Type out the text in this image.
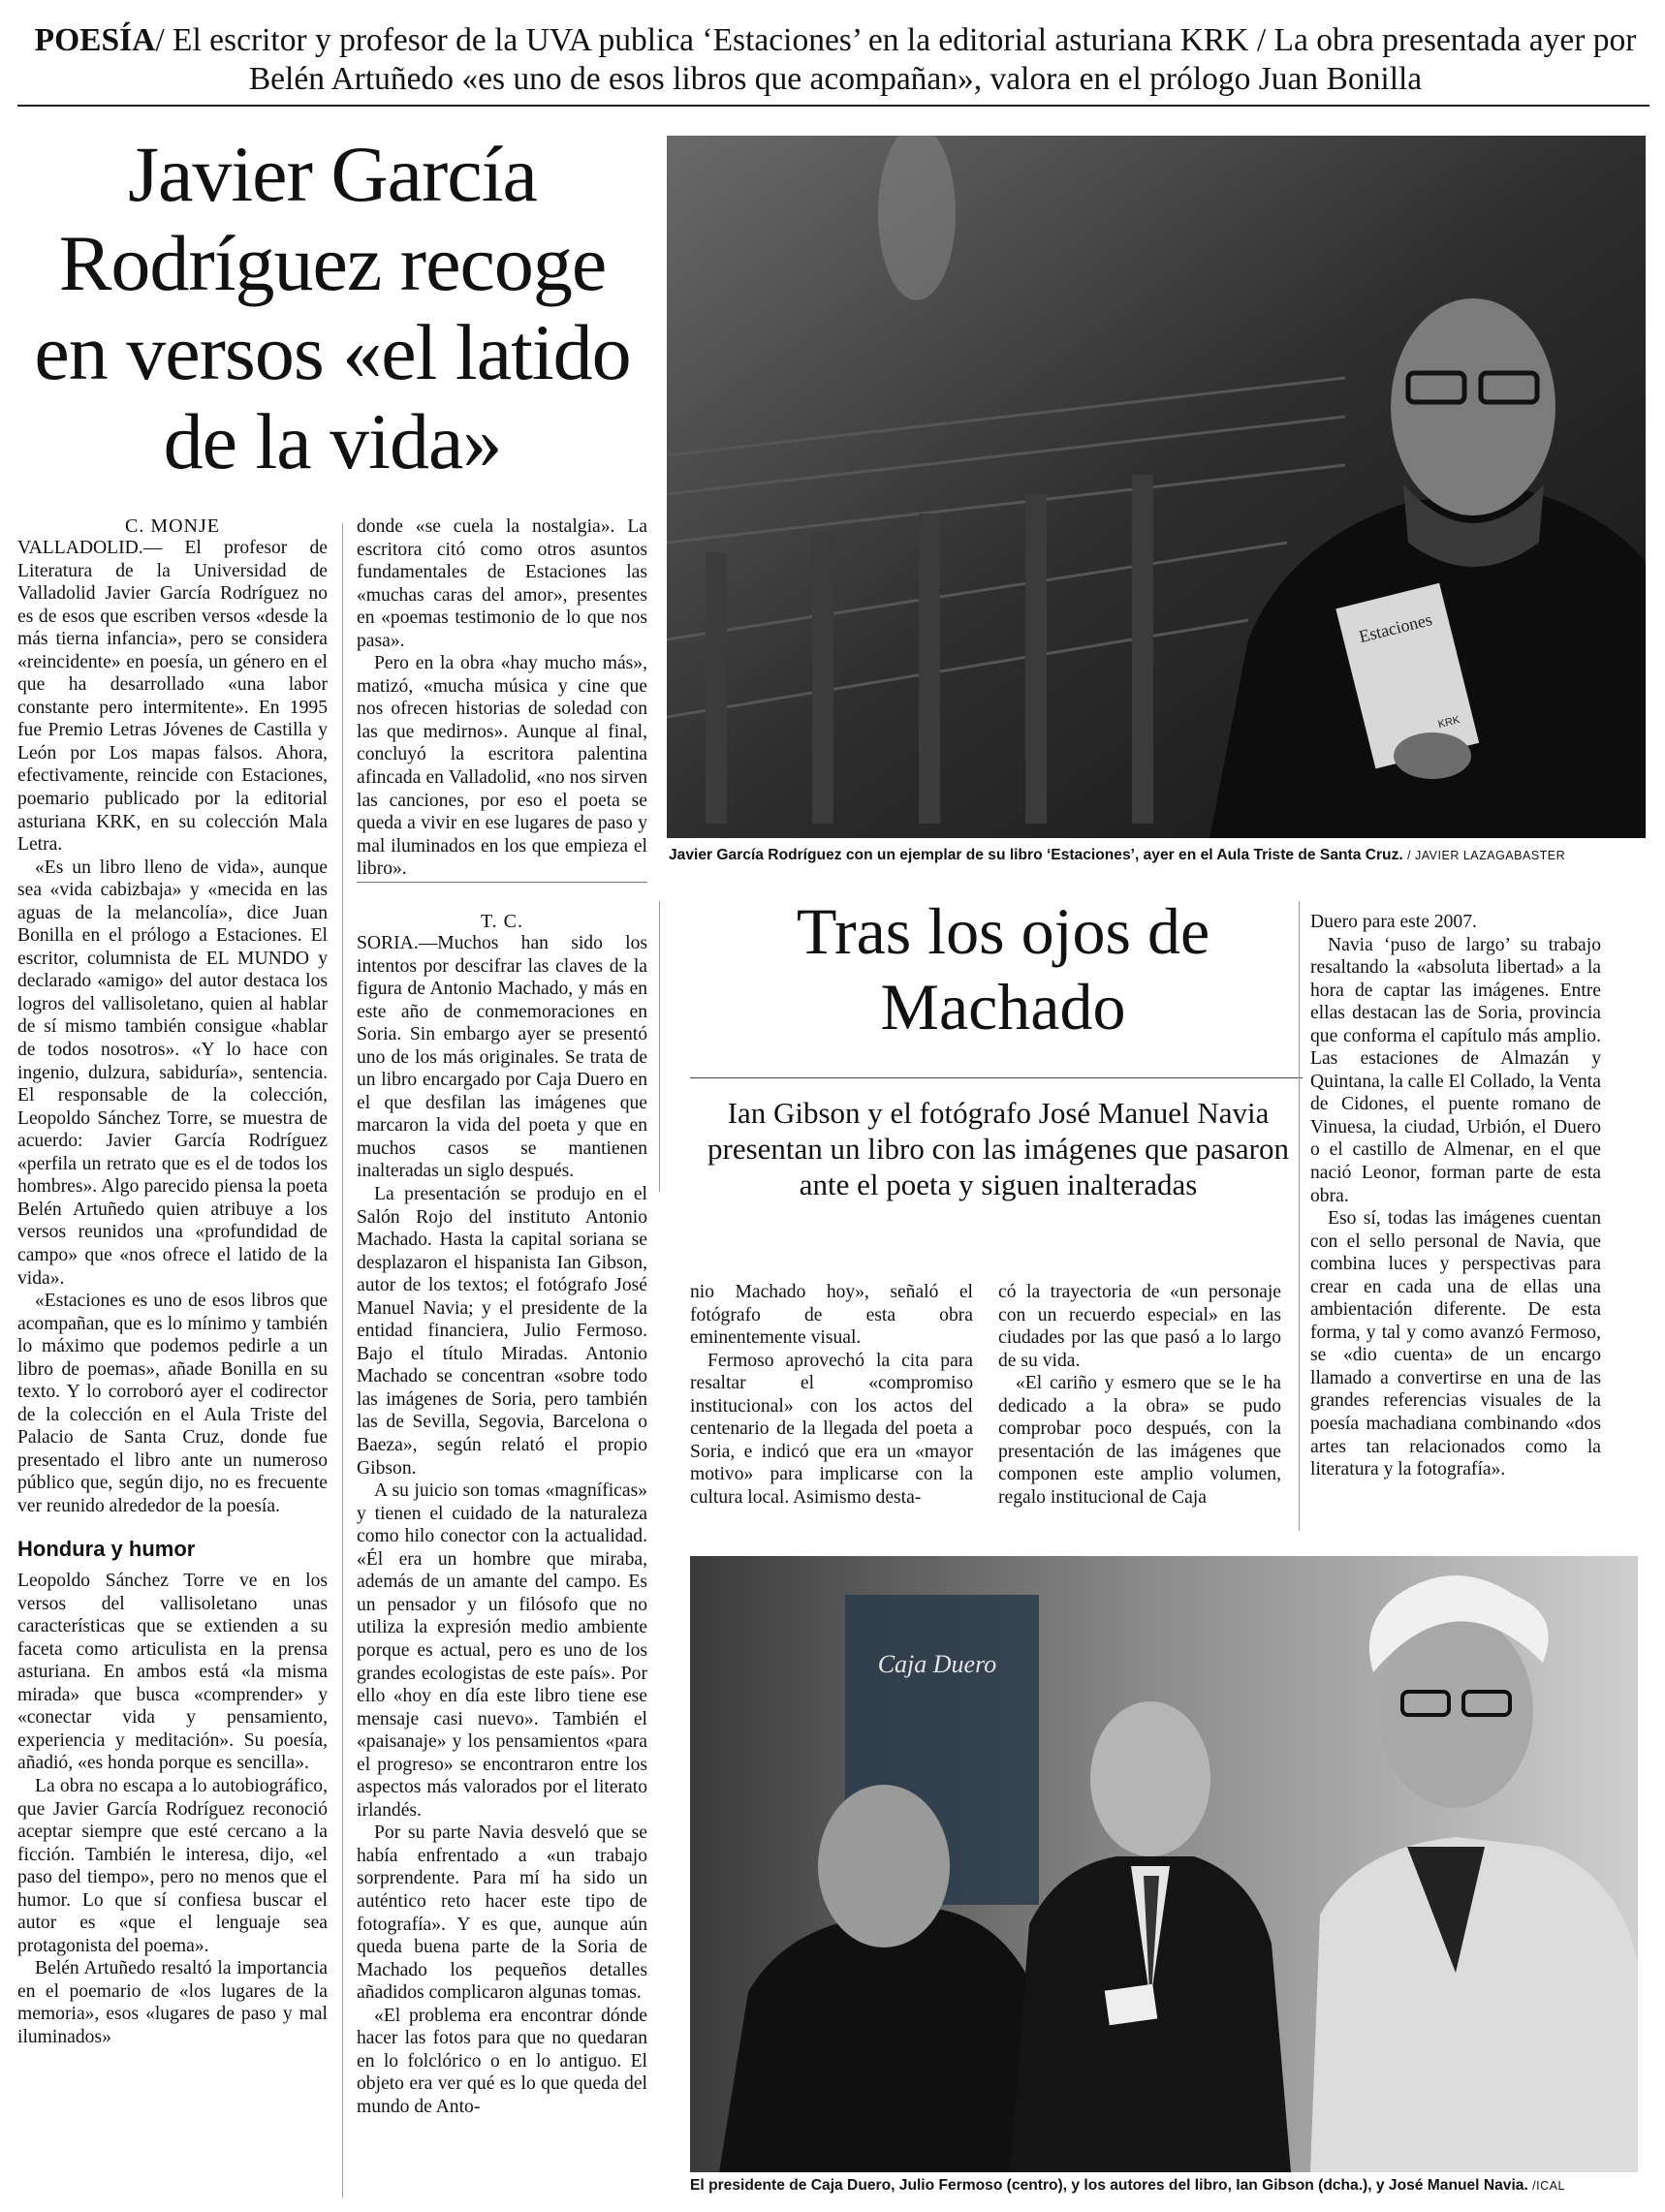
POESÍA/ El escritor y profesor de la UVA publica ‘Estaciones’ en la editorial asturiana KRK / La obra presentada ayer por Belén Artuñedo «es uno de esos libros que acompañan», valora en el prólogo Juan Bonilla
Javier García Rodríguez recoge en versos «el latido de la vida»
C. MONJE

VALLADOLID.— El profesor de Literatura de la Universidad de Valladolid Javier García Rodríguez no es de esos que escriben versos «desde la más tierna infancia», pero se considera «reincidente» en poesía, un género en el que ha desarrollado «una labor constante pero intermitente». En 1995 fue Premio Letras Jóvenes de Castilla y León por Los mapas falsos. Ahora, efectivamente, reincide con Estaciones, poemario publicado por la editorial asturiana KRK, en su colección Mala Letra.

«Es un libro lleno de vida», aunque sea «vida cabizbaja» y «mecida en las aguas de la melancolía», dice Juan Bonilla en el prólogo a Estaciones. El escritor, columnista de EL MUNDO y declarado «amigo» del autor destaca los logros del vallisoletano, quien al hablar de sí mismo también consigue «hablar de todos nosotros». «Y lo hace con ingenio, dulzura, sabiduría», sentencia. El responsable de la colección, Leopoldo Sánchez Torre, se muestra de acuerdo: Javier García Rodríguez «perfila un retrato que es el de todos los hombres». Algo parecido piensa la poeta Belén Artuñedo quien atribuye a los versos reunidos una «profundidad de campo» que «nos ofrece el latido de la vida».

«Estaciones es uno de esos libros que acompañan, que es lo mínimo y también lo máximo que podemos pedirle a un libro de poemas», añade Bonilla en su texto. Y lo corroboró ayer el codirector de la colección en el Aula Triste del Palacio de Santa Cruz, donde fue presentado el libro ante un numeroso público que, según dijo, no es frecuente ver reunido alrededor de la poesía.

Hondura y humor

Leopoldo Sánchez Torre ve en los versos del vallisoletano unas características que se extienden a su faceta como articulista en la prensa asturiana. En ambos está «la misma mirada» que busca «comprender» y «conectar vida y pensamiento, experiencia y meditación». Su poesía, añadió, «es honda porque es sencilla».

La obra no escapa a lo autobiográfico, que Javier García Rodríguez reconoció aceptar siempre que esté cercano a la ficción. También le interesa, dijo, «el paso del tiempo», pero no menos que el humor. Lo que sí confiesa buscar el autor es «que el lenguaje sea protagonista del poema».

Belén Artuñedo resaltó la importancia en el poemario de «los lugares de la memoria», esos «lugares de paso y mal iluminados»

donde «se cuela la nostalgia». La escritora citó como otros asuntos fundamentales de Estaciones las «muchas caras del amor», presentes en «poemas testimonio de lo que nos pasa».

Pero en la obra «hay mucho más», matizó, «mucha música y cine que nos ofrecen historias de soledad con las que medirnos». Aunque al final, concluyó la escritora palentina afincada en Valladolid, «no nos sirven las canciones, por eso el poeta se queda a vivir en ese lugares de paso y mal iluminados en los que empieza el libro».

Estaciones
KRK
Javier García Rodríguez con un ejemplar de su libro ‘Estaciones’, ayer en el Aula Triste de Santa Cruz. / JAVIER LAZAGABASTER
T. C.

SORIA.—Muchos han sido los intentos por descifrar las claves de la figura de Antonio Machado, y más en este año de conmemoraciones en Soria. Sin embargo ayer se presentó uno de los más originales. Se trata de un libro encargado por Caja Duero en el que desfilan las imágenes que marcaron la vida del poeta y que en muchos casos se mantienen inalteradas un siglo después.

La presentación se produjo en el Salón Rojo del instituto Antonio Machado. Hasta la capital soriana se desplazaron el hispanista Ian Gibson, autor de los textos; el fotógrafo José Manuel Navia; y el presidente de la entidad financiera, Julio Fermoso. Bajo el título Miradas. Antonio Machado se concentran «sobre todo las imágenes de Soria, pero también las de Sevilla, Segovia, Barcelona o Baeza», según relató el propio Gibson.

A su juicio son tomas «magníficas» y tienen el cuidado de la naturaleza como hilo conector con la actualidad. «Él era un hombre que miraba, además de un amante del campo. Es un pensador y un filósofo que no utiliza la expresión medio ambiente porque es actual, pero es uno de los grandes ecologistas de este país». Por ello «hoy en día este libro tiene ese mensaje casi nuevo». También el «paisanaje» y los pensamientos «para el progreso» se encontraron entre los aspectos más valorados por el literato irlandés.

Por su parte Navia desveló que se había enfrentado a «un trabajo sorprendente. Para mí ha sido un auténtico reto hacer este tipo de fotografía». Y es que, aunque aún queda buena parte de la Soria de Machado los pequeños detalles añadidos complicaron algunas tomas.

«El problema era encontrar dónde hacer las fotos para que no quedaran en lo folclórico o en lo antiguo. El objeto era ver qué es lo que queda del mundo de Anto-

Tras los ojos de Machado
Ian Gibson y el fotógrafo José Manuel Navia presentan un libro con las imágenes que pasaron ante el poeta y siguen inalteradas

nio Machado hoy», señaló el fotógrafo de esta obra eminentemente visual.

Fermoso aprovechó la cita para resaltar el «compromiso institucional» con los actos del centenario de la llegada del poeta a Soria, e indicó que era un «mayor motivo» para implicarse con la cultura local. Asimismo desta-

có la trayectoria de «un personaje con un recuerdo especial» en las ciudades por las que pasó a lo largo de su vida.

«El cariño y esmero que se le ha dedicado a la obra» se pudo comprobar poco después, con la presentación de las imágenes que componen este amplio volumen, regalo institucional de Caja

Duero para este 2007.

Navia ‘puso de largo’ su trabajo resaltando la «absoluta libertad» a la hora de captar las imágenes. Entre ellas destacan las de Soria, provincia que conforma el capítulo más amplio. Las estaciones de Almazán y Quintana, la calle El Collado, la Venta de Cidones, el puente romano de Vinuesa, la ciudad, Urbión, el Duero o el castillo de Almenar, en el que nació Leonor, forman parte de esta obra.

Eso sí, todas las imágenes cuentan con el sello personal de Navia, que combina luces y perspectivas para crear en cada una de ellas una ambientación diferente. De esta forma, y tal y como avanzó Fermoso, se «dio cuenta» de un encargo llamado a convertirse en una de las grandes referencias visuales de la poesía machadiana combinando «dos artes tan relacionados como la literatura y la fotografía».

Caja Duero
El presidente de Caja Duero, Julio Fermoso (centro), y los autores del libro, Ian Gibson (dcha.), y José Manuel Navia. /ICAL
